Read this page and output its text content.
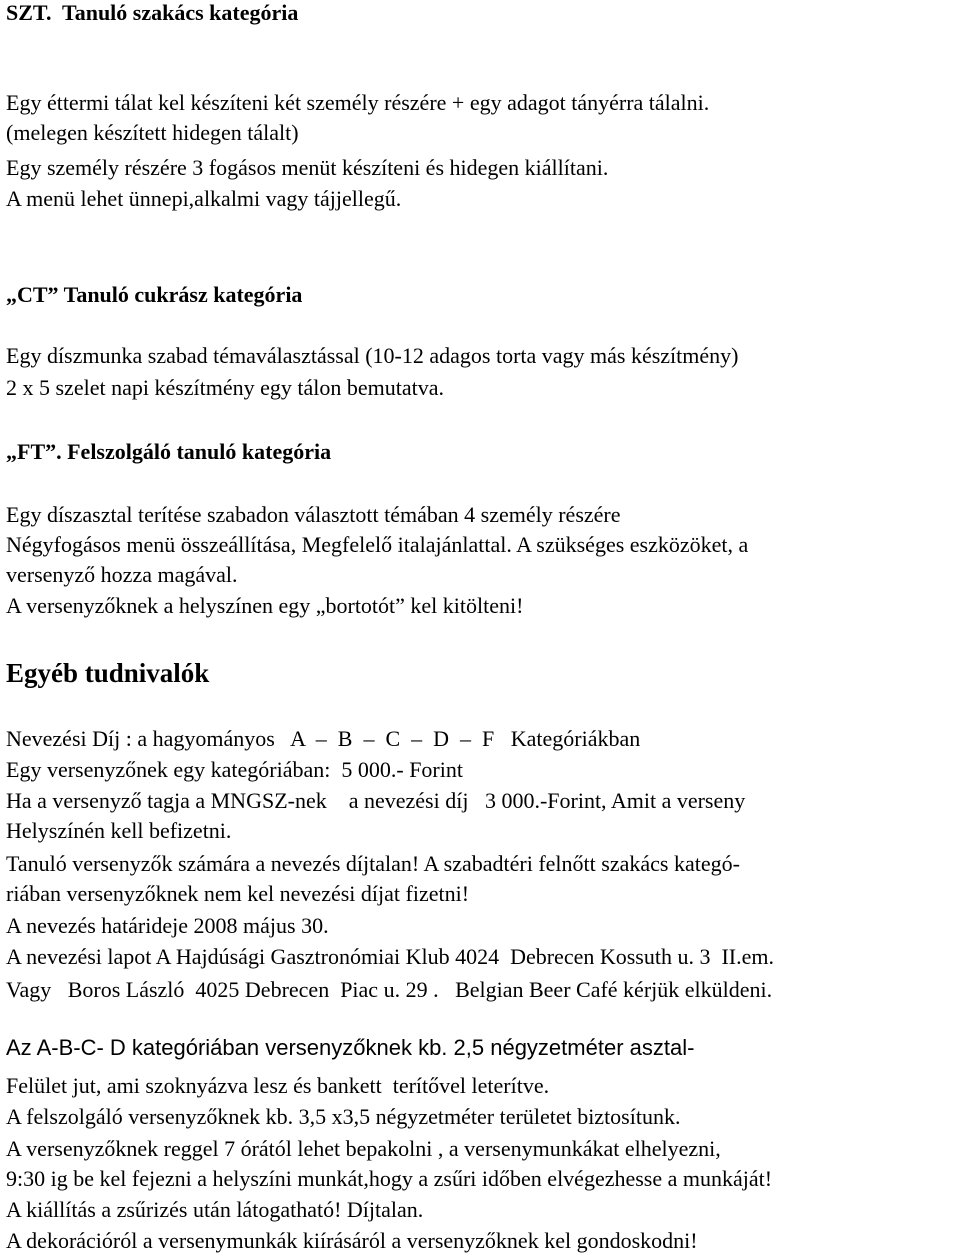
SZT.  Tanuló szakács kategória
Egy éttermi tálat kel készíteni két személy részére + egy adagot tányérra tálalni.
(melegen készített hidegen tálalt)
Egy személy részére 3 fogásos menüt készíteni és hidegen kiállítani.
A menü lehet ünnepi,alkalmi vagy tájjellegű.
„CT” Tanuló cukrász kategória
Egy díszmunka szabad témaválasztással (10-12 adagos torta vagy más készítmény)
2 x 5 szelet napi készítmény egy tálon bemutatva.
„FT”. Felszolgáló tanuló kategória
Egy díszasztal terítése szabadon választott témában 4 személy részére
Négyfogásos menü összeállítása, Megfelelő italajánlattal. A szükséges eszközöket, a
versenyző hozza magával.
A versenyzőknek a helyszínen egy „bortotót” kel kitölteni!
Egyéb tudnivalók
Nevezési Díj : a hagyományos   A  –  B  –  C  –  D  –  F   Kategóriákban
Egy versenyzőnek egy kategóriában:  5 000.- Forint
Ha a versenyző tagja a MNGSZ-nek    a nevezési díj   3 000.-Forint, Amit a verseny
Helyszínén kell befizetni.
Tanuló versenyzők számára a nevezés díjtalan! A szabadtéri felnőtt szakács kategó-
riában versenyzőknek nem kel nevezési díjat fizetni!
A nevezés határideje 2008 május 30.
A nevezési lapot A Hajdúsági Gasztronómiai Klub 4024  Debrecen Kossuth u. 3  II.em.
Vagy   Boros László  4025 Debrecen  Piac u. 29 .   Belgian Beer Café kérjük elküldeni.
Az A-B-C- D kategóriában versenyzőknek kb. 2,5 négyzetméter asztal-
Felület jut, ami szoknyázva lesz és bankett  terítővel leterítve.
A felszolgáló versenyzőknek kb. 3,5 x3,5 négyzetméter területet biztosítunk.
A versenyzőknek reggel 7 órától lehet bepakolni , a versenymunkákat elhelyezni,
9:30 ig be kel fejezni a helyszíni munkát,hogy a zsűri időben elvégezhesse a munkáját!
A kiállítás a zsűrizés után látogatható! Díjtalan.
A dekorációról a versenymunkák kiírásáról a versenyzőknek kel gondoskodni!
